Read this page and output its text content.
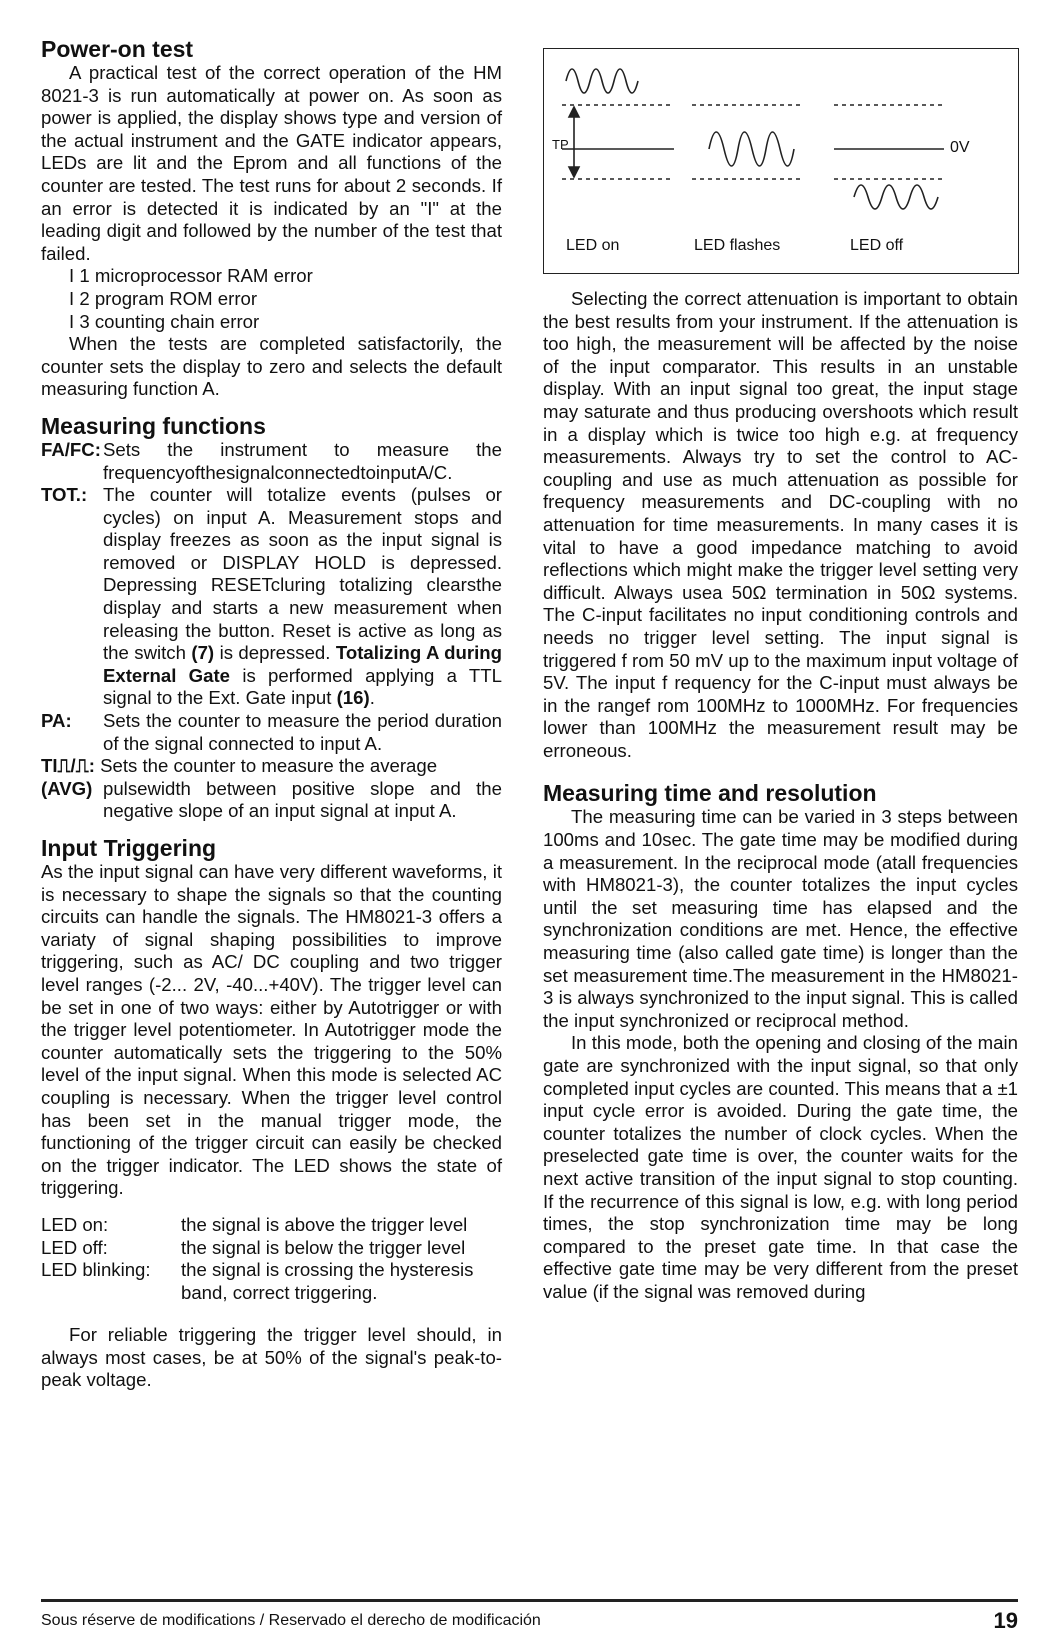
Power-on test

A practical test of the correct operation of the HM 8021-3 is run automatically at power on. As soon as power is applied, the display shows type and version of the actual instrument and the GATE indicator appears, LEDs are lit and the Eprom and all functions of the counter are tested. The test runs for about 2 seconds. If an error is detected it is indicated by an "I" at the leading digit and followed by the number of the test that failed.

I 1 microprocessor RAM error
I 2 program ROM error
I 3 counting chain error

When the tests are completed satisfactorily, the counter sets the display to zero and selects the default measuring function A.

Measuring functions
FA/FC: Sets the instrument to measure the frequencyofthesignalconnectedtoinputA/C.
TOT.: The counter will totalize events (pulses or cycles) on input A. Measurement stops and display freezes as soon as the input signal is removed or DISPLAY HOLD is depressed. Depressing RESETcluring totalizing clearsthe display and starts a new measurement when releasing the button. Reset is active as long as the switch (7) is depressed. Totalizing A during External Gate is performed applying a TTL signal to the Ext. Gate input (16).
PA:	Sets the counter to measure the period duration of the signal connected to input A.
TI⎍/⎍: Sets the counter to measure the average
(AVG) pulsewidth between positive slope and the negative slope of an input signal at input A.
Input Triggering

As the input signal can have very different waveforms, it is necessary to shape the signals so that the counting circuits can handle the signals. The HM8021-3 offers a variaty of signal shaping possibilities to improve triggering, such as AC/ DC coupling and two trigger level ranges (-2... 2V, -40...+40V). The trigger level can be set in one of two ways: either by Autotrigger or with the trigger level potentiometer. In Autotrigger mode the counter automatically sets the triggering to the 50% level of the input signal. When this mode is selected AC coupling is necessary. When the trigger level control has been set in the manual trigger mode, the functioning of the trigger circuit can easily be checked on the trigger indicator. The LED shows the state of triggering.

LED on:	the signal is above the trigger level
LED off:	the signal is below the trigger level
LED blinking:	the signal is crossing the hysteresis band, correct triggering.

For reliable triggering the trigger level should, in always most cases, be at 50% of the signal's peak-to-peak voltage.

TP	0V
LED on	LED flashes	LED off

Selecting the correct attenuation is important to obtain the best results from your instrument. If the attenuation is too high, the measurement will be affected by the noise of the input comparator. This results in an unstable display. With an input signal too great, the input stage may saturate and thus producing overshoots which result in a display which is twice too high e.g. at frequency measurements. Always try to set the control to AC-coupling and use as much attenuation as possible for frequency measurements and DC-coupling with no attenuation for time measurements. In many cases it is vital to have a good impedance matching to avoid reflections which might make the trigger level setting very difficult. Always usea 50Ω termination in 50Ω systems. The C-input facilitates no input conditioning controls and needs no trigger level setting. The input signal is triggered f rom 50 mV up to the maximum input voltage of 5V. The input f requency for the C-input must always be in the rangef rom 100MHz to 1000MHz. For frequencies lower than 100MHz the measurement result may be erroneous.

Measuring time and resolution

The measuring time can be varied in 3 steps between 100ms and 10sec. The gate time may be modified during a measurement. In the reciprocal mode (atall frequencies with HM8021-3), the counter totalizes the input cycles until the set measuring time has elapsed and the synchronization conditions are met. Hence, the effective measuring time (also called gate time) is longer than the set measurement time.The measurement in the HM8021-3 is always synchronized to the input signal. This is called the input synchronized or reciprocal method.

In this mode, both the opening and closing of the main gate are synchronized with the input signal, so that only completed input cycles are counted. This means that a ±1 input cycle error is avoided. During the gate time, the counter totalizes the number of clock cycles. When the preselected gate time is over, the counter waits for the next active transition of the input signal to stop counting. If the recurrence of this signal is low, e.g. with long period times, the stop synchronization time may be long compared to the preset gate time. In that case the effective gate time may be very different from the preset value (if the signal was removed during

Sous réserve de modifications / Reservado el derecho de modificación	19
